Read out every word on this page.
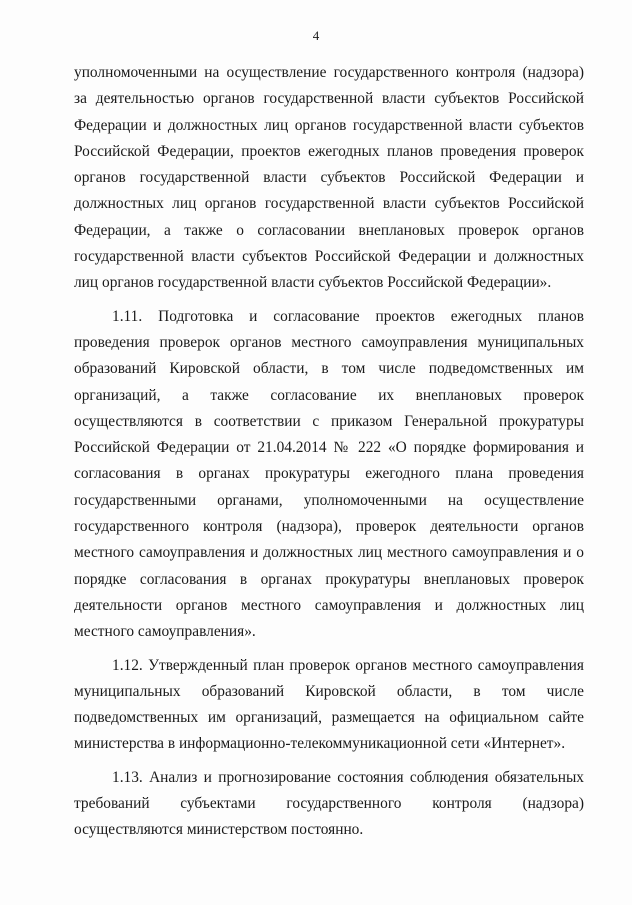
4

уполномоченными на осуществление государственного контроля (надзора) за деятельностью органов государственной власти субъектов Российской Федерации и должностных лиц органов государственной власти субъектов Российской Федерации, проектов ежегодных планов проведения проверок органов государственной власти субъектов Российской Федерации и должностных лиц органов государственной власти субъектов Российской Федерации, а также о согласовании внеплановых проверок органов государственной власти субъектов Российской Федерации и должностных лиц органов государственной власти субъектов Российской Федерации».

1.11. Подготовка и согласование проектов ежегодных планов проведения проверок органов местного самоуправления муниципальных образований Кировской области, в том числе подведомственных им организаций, а также согласование их внеплановых проверок осуществляются в соответствии с приказом Генеральной прокуратуры Российской Федерации от 21.04.2014 № 222 «О порядке формирования и согласования в органах прокуратуры ежегодного плана проведения государственными органами, уполномоченными на осуществление государственного контроля (надзора), проверок деятельности органов местного самоуправления и должностных лиц местного самоуправления и о порядке согласования в органах прокуратуры внеплановых проверок деятельности органов местного самоуправления и должностных лиц местного самоуправления».

1.12. Утвержденный план проверок органов местного самоуправления муниципальных образований Кировской области, в том числе подведомственных им организаций, размещается на официальном сайте министерства в информационно-телекоммуникационной сети «Интернет».

1.13. Анализ и прогнозирование состояния соблюдения обязательных требований субъектами государственного контроля (надзора) осуществляются министерством постоянно.
